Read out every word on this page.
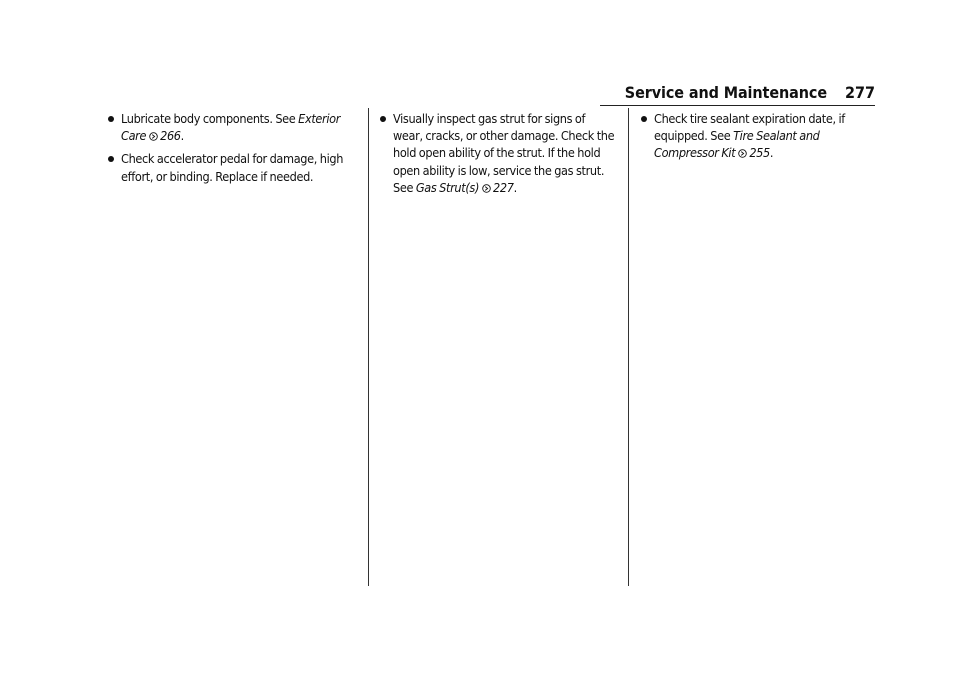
Service and Maintenance 277
Lubricate body components. See Exterior Care 266.
Check accelerator pedal for damage, high effort, or binding. Replace if needed.
Visually inspect gas strut for signs of wear, cracks, or other damage. Check the hold open ability of the strut. If the hold open ability is low, service the gas strut. See Gas Strut(s) 227.
Check tire sealant expiration date, if equipped. See Tire Sealant and Compressor Kit 255.
